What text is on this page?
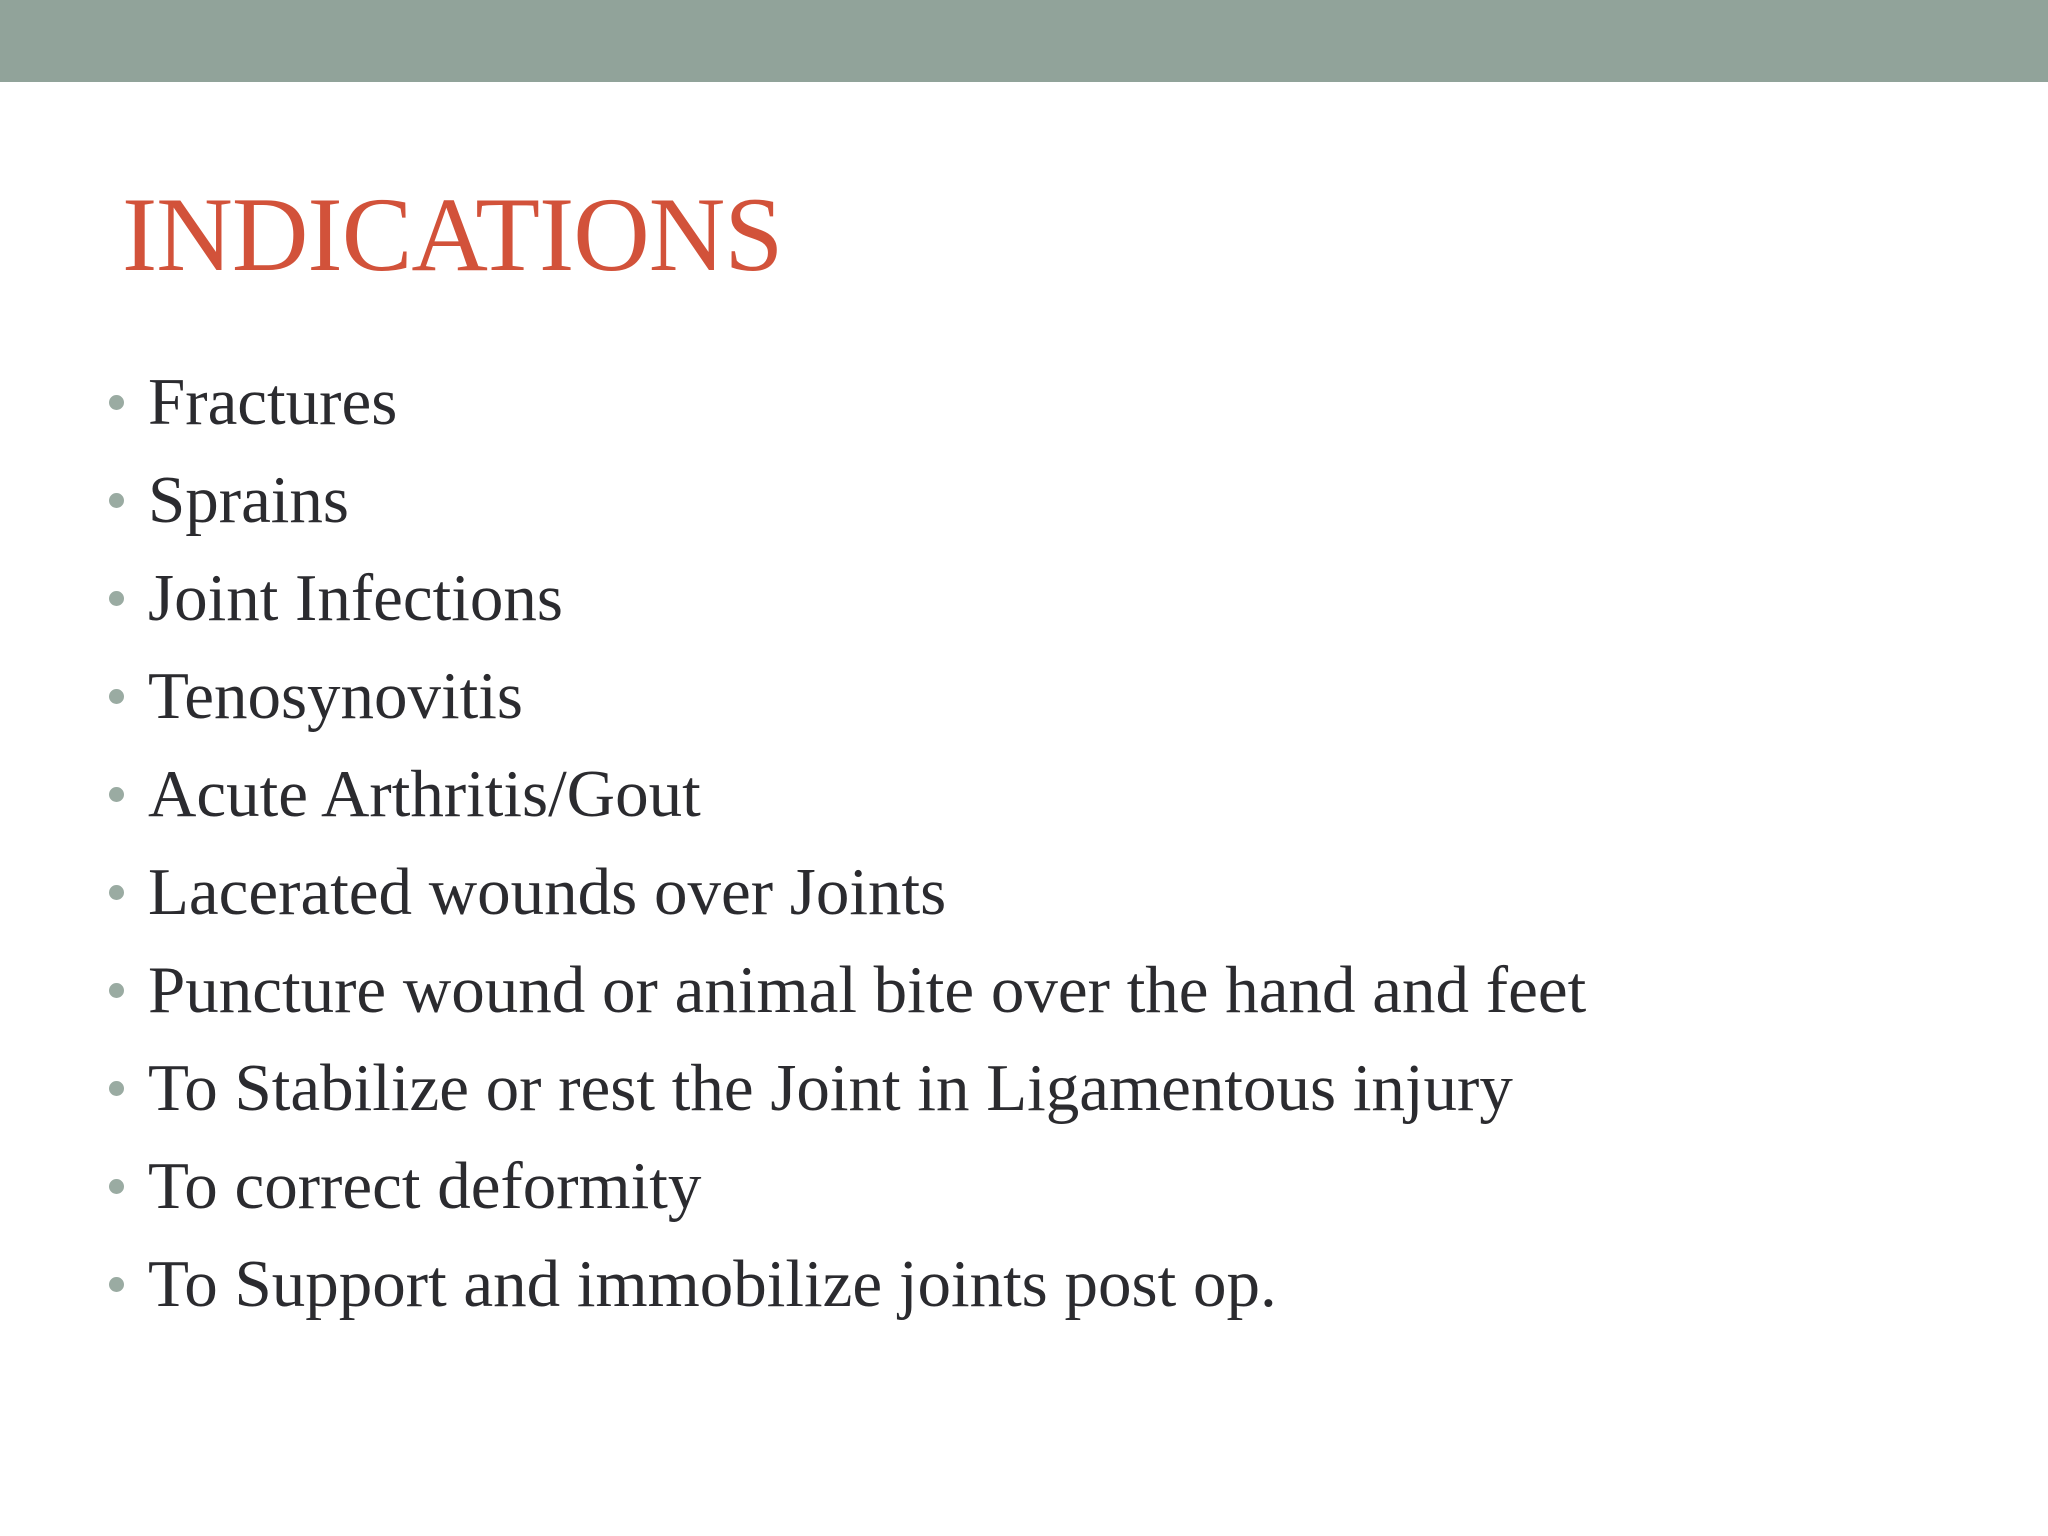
INDICATIONS
Fractures
Sprains
Joint Infections
Tenosynovitis
Acute Arthritis/Gout
Lacerated wounds over Joints
Puncture wound or animal bite over the hand and feet
To Stabilize or rest the Joint in Ligamentous injury
To correct deformity
To Support and immobilize joints post op.
